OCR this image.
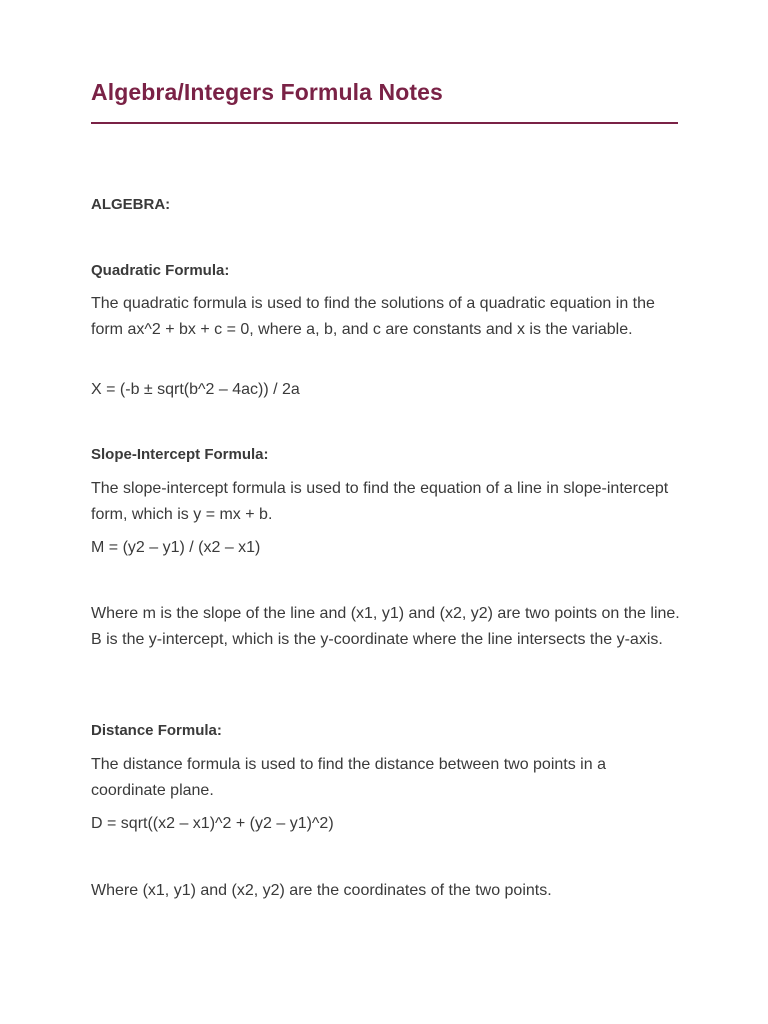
Algebra/Integers Formula Notes

ALGEBRA:

Quadratic Formula:

The quadratic formula is used to find the solutions of a quadratic equation in the form ax^2 + bx + c = 0, where a, b, and c are constants and x is the variable.

X = (-b ± sqrt(b^2 – 4ac)) / 2a

Slope-Intercept Formula:

The slope-intercept formula is used to find the equation of a line in slope-intercept form, which is y = mx + b.

M = (y2 – y1) / (x2 – x1)

Where m is the slope of the line and (x1, y1) and (x2, y2) are two points on the line. B is the y-intercept, which is the y-coordinate where the line intersects the y-axis.

Distance Formula:

The distance formula is used to find the distance between two points in a coordinate plane.

D = sqrt((x2 – x1)^2 + (y2 – y1)^2)

Where (x1, y1) and (x2, y2) are the coordinates of the two points.
